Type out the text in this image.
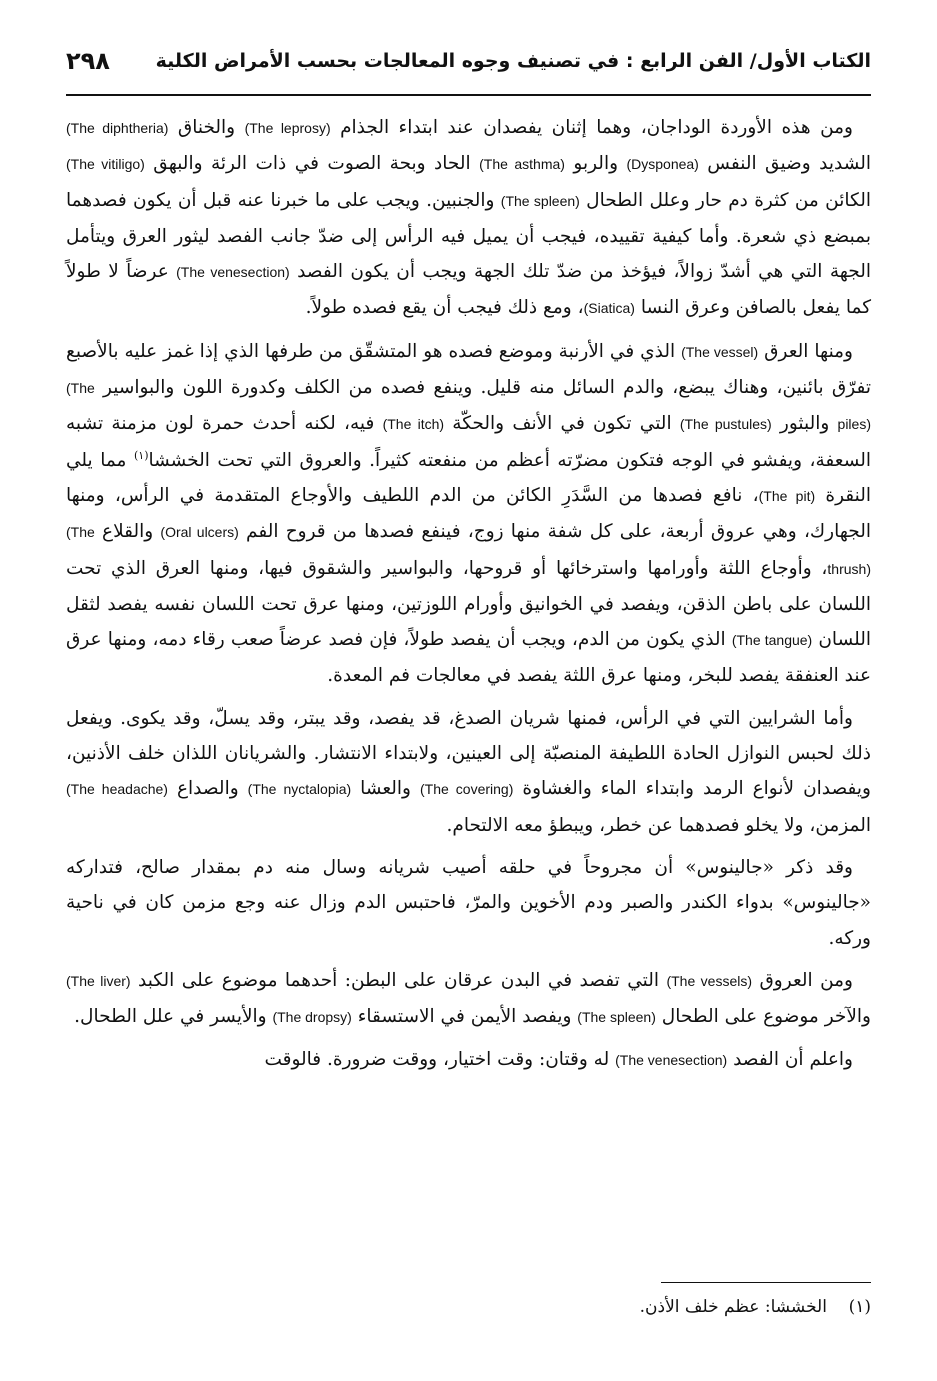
الكتاب الأول/ الفن الرابع : في تصنيف وجوه المعالجات بحسب الأمراض الكلية
٢٩٨

ومن هذه الأوردة الوداجان، وهما إثنان يفصدان عند ابتداء الجذام (The leprosy) والخناق (The diphtheria) الشديد وضيق النفس (Dysponea) والربو (The asthma) الحاد وبحة الصوت في ذات الرئة والبهق (The vitiligo) الكائن من كثرة دم حار وعلل الطحال (The spleen) والجنبين. ويجب على ما خبرنا عنه قبل أن يكون فصدهما بمبضع ذي شعرة. وأما كيفية تقييده، فيجب أن يميل فيه الرأس إلى ضدّ جانب الفصد ليثور العرق ويتأمل الجهة التي هي أشدّ زوالاً، فيؤخذ من ضدّ تلك الجهة ويجب أن يكون الفصد (The venesection) عرضاً لا طولاً كما يفعل بالصافن وعرق النسا (Siatica)، ومع ذلك فيجب أن يقع فصده طولاً.

ومنها العرق (The vessel) الذي في الأرنبة وموضع فصده هو المتشقّق من طرفها الذي إذا غمز عليه بالأصبع تفرّق بائنين، وهناك يبضع، والدم السائل منه قليل. وينفع فصده من الكلف وكدورة اللون والبواسير (The piles) والبثور (The pustules) التي تكون في الأنف والحكّة (The itch) فيه، لكنه أحدث حمرة لون مزمنة تشبه السعفة، ويفشو في الوجه فتكون مضرّته أعظم من منفعته كثيراً. والعروق التي تحت الخششا$^{(١)}$ مما يلي النقرة (The pit)، نافع فصدها من السَّدَرِ الكائن من الدم اللطيف والأوجاع المتقدمة في الرأس، ومنها الجهارك، وهي عروق أربعة، على كل شفة منها زوج، فينفع فصدها من قروح الفم (Oral ulcers) والقلاع (The thrush)، وأوجاع اللثة وأورامها واسترخائها أو قروحها، والبواسير والشقوق فيها، ومنها العرق الذي تحت اللسان على باطن الذقن، ويفصد في الخوانيق وأورام اللوزتين، ومنها عرق تحت اللسان نفسه يفصد لثقل اللسان (The tangue) الذي يكون من الدم، ويجب أن يفصد طولاً، فإن فصد عرضاً صعب رقاء دمه، ومنها عرق عند العنفقة يفصد للبخر، ومنها عرق اللثة يفصد في معالجات فم المعدة.

وأما الشرايين التي في الرأس، فمنها شريان الصدغ، قد يفصد، وقد يبتر، وقد يسلّ، وقد يكوى. ويفعل ذلك لحبس النوازل الحادة اللطيفة المنصبّة إلى العينين، ولابتداء الانتشار. والشريانان اللذان خلف الأذنين، ويفصدان لأنواع الرمد وابتداء الماء والغشاوة (The covering) والعشا (The nyctalopia) والصداع (The headache) المزمن، ولا يخلو فصدهما عن خطر، ويبطؤ معه الالتحام.

وقد ذكر «جالينوس» أن مجروحاً في حلقه أصيب شريانه وسال منه دم بمقدار صالح، فتداركه «جالينوس» بدواء الكندر والصبر ودم الأخوين والمرّ، فاحتبس الدم وزال عنه وجع مزمن كان في ناحية وركه.

ومن العروق (The vessels) التي تفصد في البدن عرقان على البطن: أحدهما موضوع على الكبد (The liver) والآخر موضوع على الطحال (The spleen) ويفصد الأيمن في الاستسقاء (The dropsy) والأيسر في علل الطحال.

واعلم أن الفصد (The venesection) له وقتان: وقت اختيار، ووقت ضرورة. فالوقت

(١)    الخششا: عظم خلف الأذن.
